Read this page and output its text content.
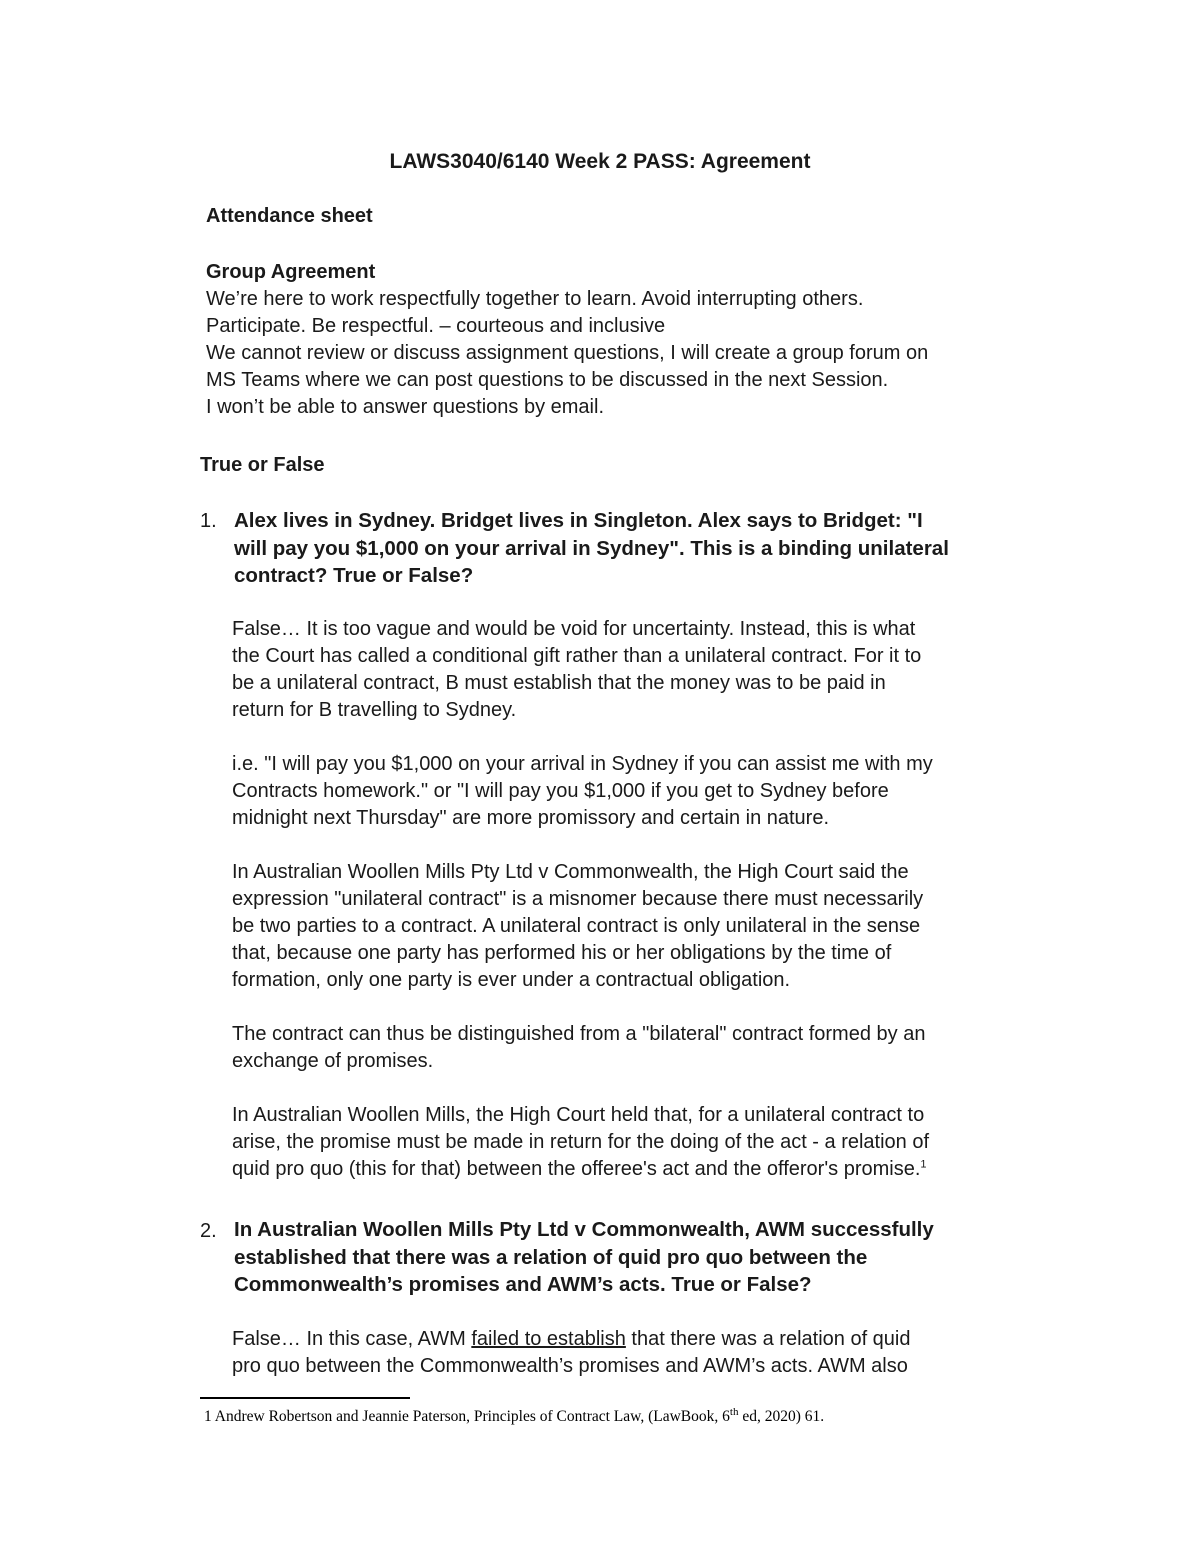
LAWS3040/6140 Week 2 PASS: Agreement
Attendance sheet
Group Agreement
We’re here to work respectfully together to learn. Avoid interrupting others.
Participate. Be respectful. – courteous and inclusive
We cannot review or discuss assignment questions, I will create a group forum on
MS Teams where we can post questions to be discussed in the next Session.
I won’t be able to answer questions by email.
True or False
1. Alex lives in Sydney. Bridget lives in Singleton. Alex says to Bridget: "I
will pay you $1,000 on your arrival in Sydney". This is a binding unilateral
contract? True or False?

False… It is too vague and would be void for uncertainty. Instead, this is what
the Court has called a conditional gift rather than a unilateral contract. For it to
be a unilateral contract, B must establish that the money was to be paid in
return for B travelling to Sydney.

i.e. "I will pay you $1,000 on your arrival in Sydney if you can assist me with my
Contracts homework." or "I will pay you $1,000 if you get to Sydney before
midnight next Thursday" are more promissory and certain in nature.

In Australian Woollen Mills Pty Ltd v Commonwealth, the High Court said the
expression "unilateral contract" is a misnomer because there must necessarily
be two parties to a contract. A unilateral contract is only unilateral in the sense
that, because one party has performed his or her obligations by the time of
formation, only one party is ever under a contractual obligation.

The contract can thus be distinguished from a "bilateral" contract formed by an
exchange of promises.

In Australian Woollen Mills, the High Court held that, for a unilateral contract to
arise, the promise must be made in return for the doing of the act - a relation of
quid pro quo (this for that) between the offeree's act and the offeror's promise.$^1$

2. In Australian Woollen Mills Pty Ltd v Commonwealth, AWM successfully
established that there was a relation of quid pro quo between the
Commonwealth’s promises and AWM’s acts. True or False?
False… In this case, AWM failed to establish that there was a relation of quid
pro quo between the Commonwealth’s promises and AWM’s acts. AWM also
1 Andrew Robertson and Jeannie Paterson, Principles of Contract Law, (LawBook, 6th ed, 2020) 61.
